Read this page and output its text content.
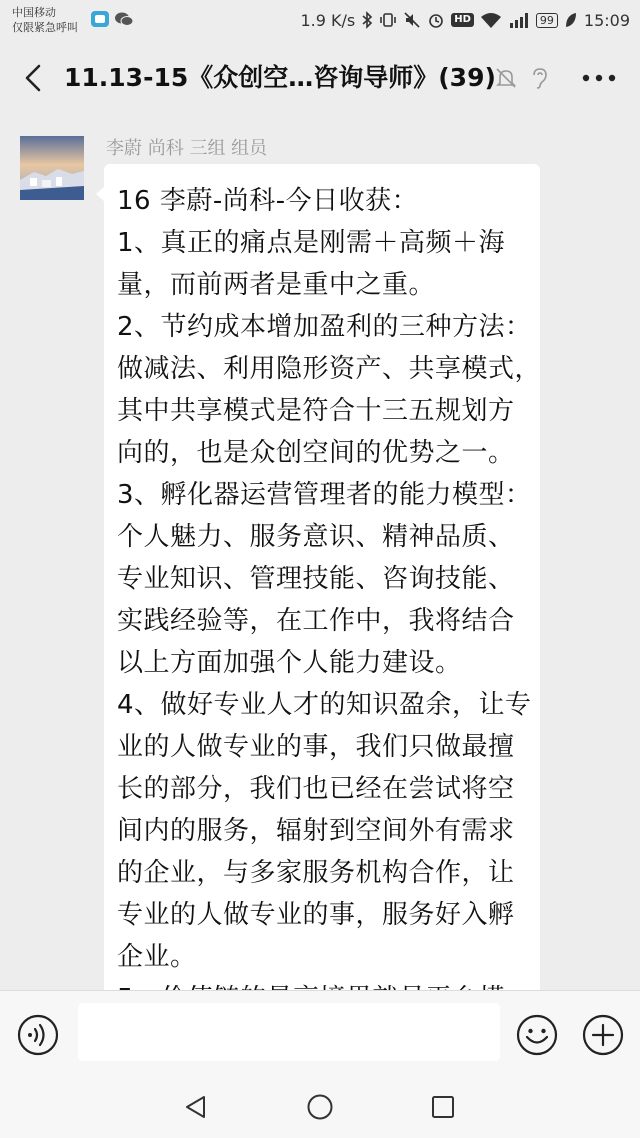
中国移动
仅限紧急呼叫	1.9 K/s	HD	99 15:09
11.13-15《众创空…咨询导师》(39)
李蔚 尚科 三组 组员
16 李蔚-尚科-今日收获：
1、真正的痛点是刚需＋高频＋海
量，而前两者是重中之重。
2、节约成本增加盈利的三种方法：
做减法、利用隐形资产、共享模式，
其中共享模式是符合十三五规划方
向的，也是众创空间的优势之一。
3、孵化器运营管理者的能力模型：
个人魅力、服务意识、精神品质、
专业知识、管理技能、咨询技能、
实践经验等，在工作中，我将结合
以上方面加强个人能力建设。
4、做好专业人才的知识盈余，让专
业的人做专业的事，我们只做最擅
长的部分，我们也已经在尝试将空
间内的服务，辐射到空间外有需求
的企业，与多家服务机构合作，让
专业的人做专业的事，服务好入孵
企业。
